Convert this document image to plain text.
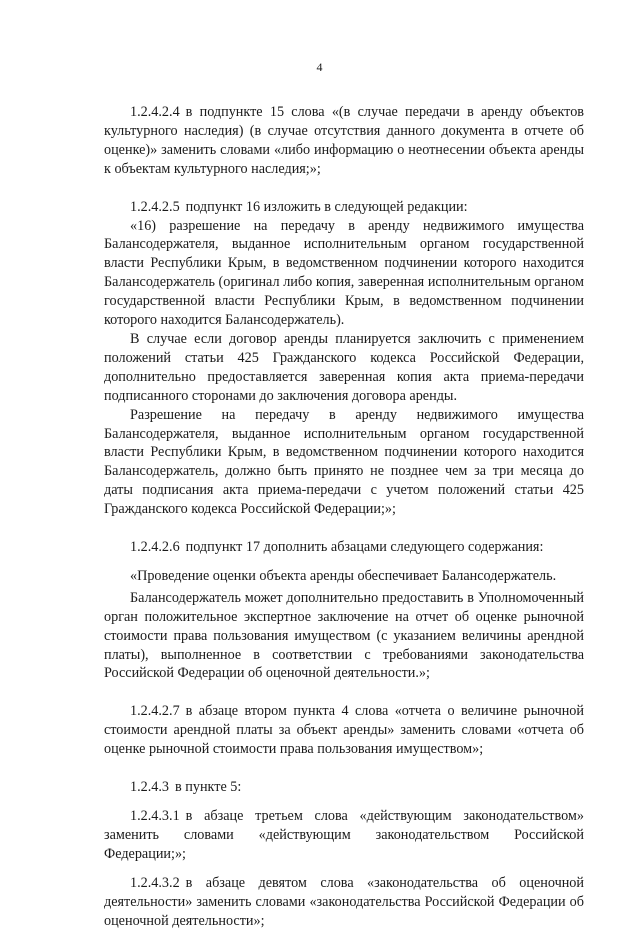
4

1.2.4.2.4 в подпункте 15 слова «(в случае передачи в аренду объектов культурного наследия) (в случае отсутствия данного документа в отчете об оценке)» заменить словами «либо информацию о неотнесении объекта аренды к объектам культурного наследия;»;

1.2.4.2.5 подпункт 16 изложить в следующей редакции:

«16) разрешение на передачу в аренду недвижимого имущества Балансодержателя, выданное исполнительным органом государственной власти Республики Крым, в ведомственном подчинении которого находится Балансодержатель (оригинал либо копия, заверенная исполнительным органом государственной власти Республики Крым, в ведомственном подчинении которого находится Балансодержатель).

В случае если договор аренды планируется заключить с применением положений статьи 425 Гражданского кодекса Российской Федерации, дополнительно предоставляется заверенная копия акта приема-передачи подписанного сторонами до заключения договора аренды.

Разрешение на передачу в аренду недвижимого имущества Балансодержателя, выданное исполнительным органом государственной власти Республики Крым, в ведомственном подчинении которого находится Балансодержатель, должно быть принято не позднее чем за три месяца до даты подписания акта приема-передачи с учетом положений статьи 425 Гражданского кодекса Российской Федерации;»;

1.2.4.2.6 подпункт 17 дополнить абзацами следующего содержания:

«Проведение оценки объекта аренды обеспечивает Балансодержатель.

Балансодержатель может дополнительно предоставить в Уполномоченный орган положительное экспертное заключение на отчет об оценке рыночной стоимости права пользования имуществом (с указанием величины арендной платы), выполненное в соответствии с требованиями законодательства Российской Федерации об оценочной деятельности.»;

1.2.4.2.7 в абзаце втором пункта 4 слова «отчета о величине рыночной стоимости арендной платы за объект аренды» заменить словами «отчета об оценке рыночной стоимости права пользования имуществом»;

1.2.4.3 в пункте 5:

1.2.4.3.1 в абзаце третьем слова «действующим законодательством» заменить словами «действующим законодательством Российской Федерации;»;

1.2.4.3.2 в абзаце девятом слова «законодательства об оценочной деятельности» заменить словами «законодательства Российской Федерации об оценочной деятельности»;
